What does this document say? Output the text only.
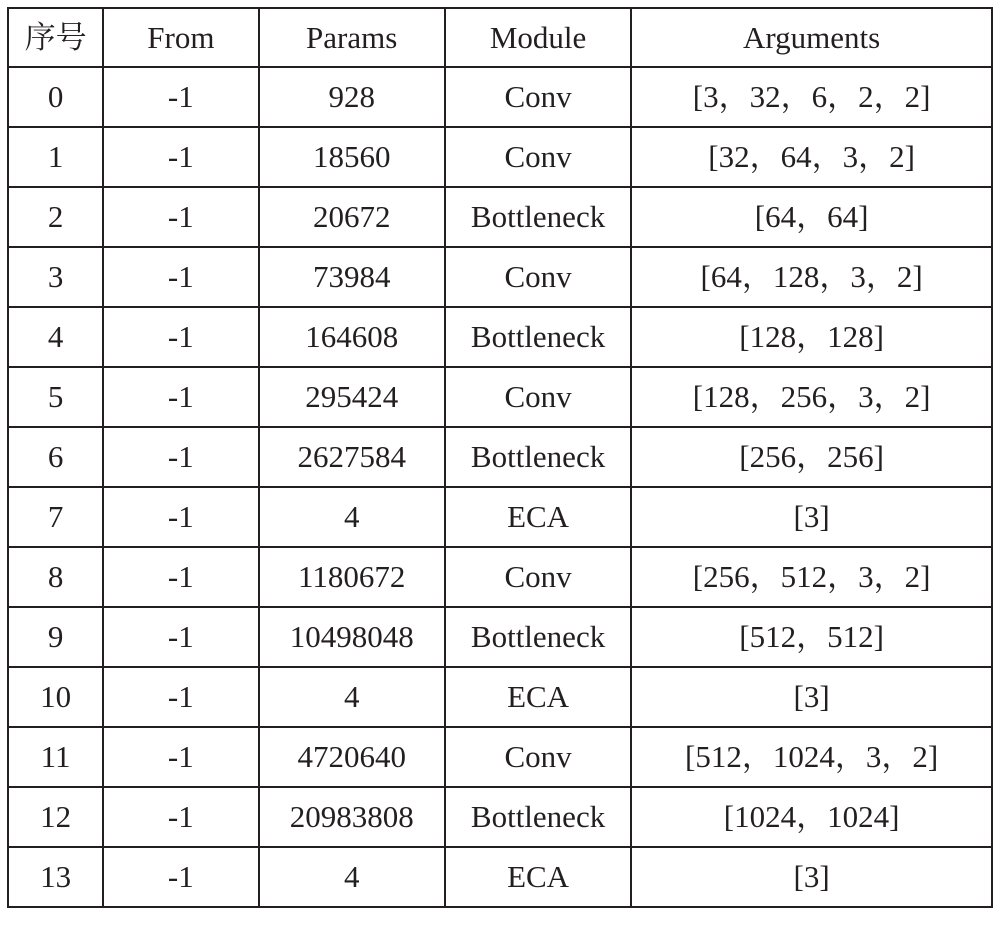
序号	From	Params	Module	Arguments
0	-1	928	Conv	[3，32，6，2，2]
1	-1	18560	Conv	[32，64，3，2]
2	-1	20672	Bottleneck	[64，64]
3	-1	73984	Conv	[64，128，3，2]
4	-1	164608	Bottleneck	[128，128]
5	-1	295424	Conv	[128，256，3，2]
6	-1	2627584	Bottleneck	[256，256]
7	-1	4	ECA	[3]
8	-1	1180672	Conv	[256，512，3，2]
9	-1	10498048	Bottleneck	[512，512]
10	-1	4	ECA	[3]
11	-1	4720640	Conv	[512，1024，3，2]
12	-1	20983808	Bottleneck	[1024，1024]
13	-1	4	ECA	[3]
